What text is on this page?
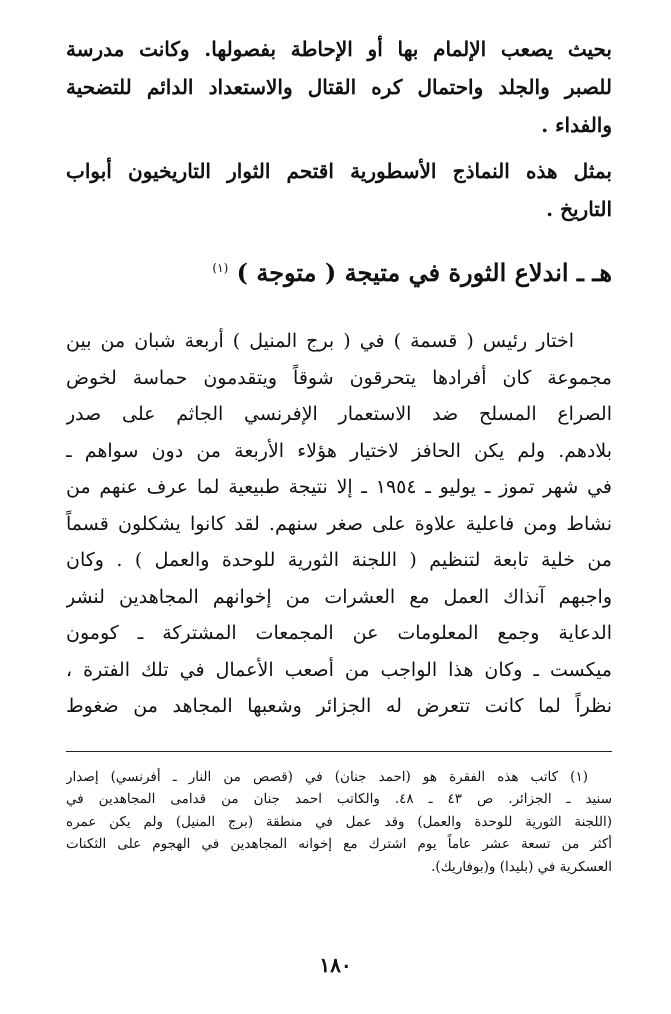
بحيث يصعب الإلمام بها أو الإحاطة بفصولها. وكانت مدرسة
للصبر والجلد واحتمال كره القتال والاستعداد الدائم للتضحية
والفداء .
بمثل هذه النماذج الأسطورية اقتحم الثوار التاريخيون أبواب
التاريخ .
هـ ـ اندلاع الثورة في متيجة ( متوجة ) $^{(١)}$
اختار رئيس ( قسمة ) في ( برج المنيل ) أربعة شبان من بين
مجموعة كان أفرادها يتحرقون شوقاً ويتقدمون حماسة لخوض
الصراع المسلح ضد الاستعمار الإفرنسي الجاثم على صدر
بلادهم. ولم يكن الحافز لاختيار هؤلاء الأربعة من دون سواهم ـ
في شهر تموز ـ يوليو ـ ١٩٥٤ ـ إلا نتيجة طبيعية لما عرف عنهم من
نشاط ومن فاعلية علاوة على صغر سنهم. لقد كانوا يشكلون قسماً
من خلية تابعة لتنظيم ( اللجنة الثورية للوحدة والعمل ) . وكان
واجبهم آنذاك العمل مع العشرات من إخوانهم المجاهدين لنشر
الدعاية وجمع المعلومات عن المجمعات المشتركة ـ كومون
ميكست ـ وكان هذا الواجب من أصعب الأعمال في تلك الفترة ،
نظراً لما كانت تتعرض له الجزائر وشعبها المجاهد من ضغوط
(١) كاتب هذه الفقرة هو (احمد جنان) في (قصص من النار ـ أفرنسي) إصدار
سنيد ـ الجزائر. ص ٤٣ ـ ٤٨. والكاتب احمد جنان من قدامى المجاهدين في
(اللجنة الثورية للوحدة والعمل) وقد عمل في منطقة (برج المنيل) ولم يكن عمره
أكثر من تسعة عشر عاماً يوم اشترك مع إخوانه المجاهدين في الهجوم على الثكنات
العسكرية في (بليدا) و(بوفاريك).
١٨٠
